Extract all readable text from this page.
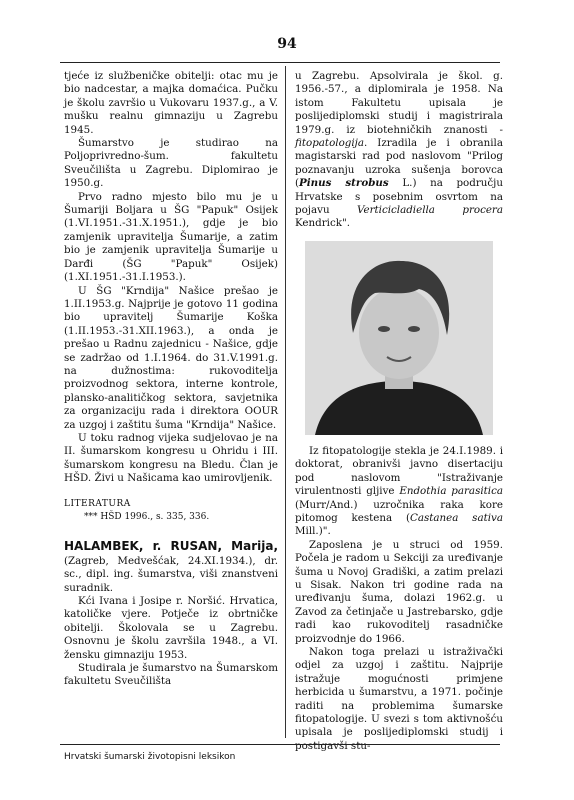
94

tjeće iz službeničke obitelji: otac mu je bio nadcestar, a majka domaćica. Pučku je školu završio u Vukovaru 1937.g., a V. mušku realnu gimnaziju u Zagrebu 1945.

Šumarstvo je studirao na Poljoprivredno-šum. fakultetu Sveučilišta u Zagrebu. Diplomirao je 1950.g.

Prvo radno mjesto bilo mu je u Šumariji Boljara u ŠG "Papuk" Osijek (1.VI.1951.-31.X.1951.), gdje je bio zamjenik upravitelja Šumarije, a zatim bio je zamjenik upravitelja Šumarije u Darđi (ŠG "Papuk" Osijek) (1.XI.1951.-31.I.1953.).

U ŠG "Krndija" Našice prešao je 1.II.1953.g. Najprije je gotovo 11 godina bio upravitelj Šumarije Koška (1.II.1953.-31.XII.1963.), a onda je prešao u Radnu zajednicu - Našice, gdje se zadržao od 1.I.1964. do 31.V.1991.g. na dužnostima: rukovoditelja proizvodnog sektora, interne kontrole, plansko-analitičkog sektora, savjetnika za organizaciju rada i direktora OOUR za uzgoj i zaštitu šuma "Krndija" Našice.

U toku radnog vijeka sudjelovao je na II. šumarskom kongresu u Ohridu i III. šumarskom kongresu na Bledu. Član je HŠD. Živi u Našicama kao umirovljenik.

LITERATURA

*** HŠD 1996., s. 335, 336.

HALAMBEK, r. RUSAN, Marija, (Zagreb, Medvešćak, 24.XI.1934.), dr. sc., dipl. ing. šumarstva, viši znanstveni suradnik.

Kći Ivana i Josipe r. Noršić. Hrvatica, katoličke vjere. Potječe iz obrtničke obitelji. Školovala se u Zagrebu. Osnovnu je školu završila 1948., a VI. žensku gimnaziju 1953.

Studirala je šumarstvo na Šumarskom fakultetu Sveučilišta

u Zagrebu. Apsolvirala je škol. g. 1956.-57., a diplomirala je 1958. Na istom Fakultetu upisala je poslijediplomski studij i magistrirala 1979.g. iz biotehničkih znanosti - fitopatologija. Izradila je i obranila magistarski rad pod naslovom "Prilog poznavanju uzroka sušenja borovca (Pinus strobus L.) na području Hrvatske s posebnim osvrtom na pojavu Verticicladiella procera Kendrick".

Iz fitopatologije stekla je 24.I.1989. i doktorat, obranivši javno disertaciju pod naslovom "Istraživanje virulentnosti gljive Endothia parasitica (Murr/And.) uzročnika raka kore pitomog kestena (Castanea sativa Mill.)".

Zaposlena je u struci od 1959. Počela je radom u Sekciji za uređivanje šuma u Novoj Gradiški, a zatim prelazi u Sisak. Nakon tri godine rada na uređivanju šuma, dolazi 1962.g. u Zavod za četinjače u Jastrebarsko, gdje radi kao rukovoditelj rasadničke proizvodnje do 1966.

Nakon toga prelazi u istraživački odjel za uzgoj i zaštitu. Najprije istražuje mogućnosti primjene herbicida u šumarstvu, a 1971. počinje raditi na problemima šumarske fitopatologije. U svezi s tom aktivnošću upisala je poslijediplomski studij i postigavši stu-

Hrvatski šumarski životopisni leksikon
